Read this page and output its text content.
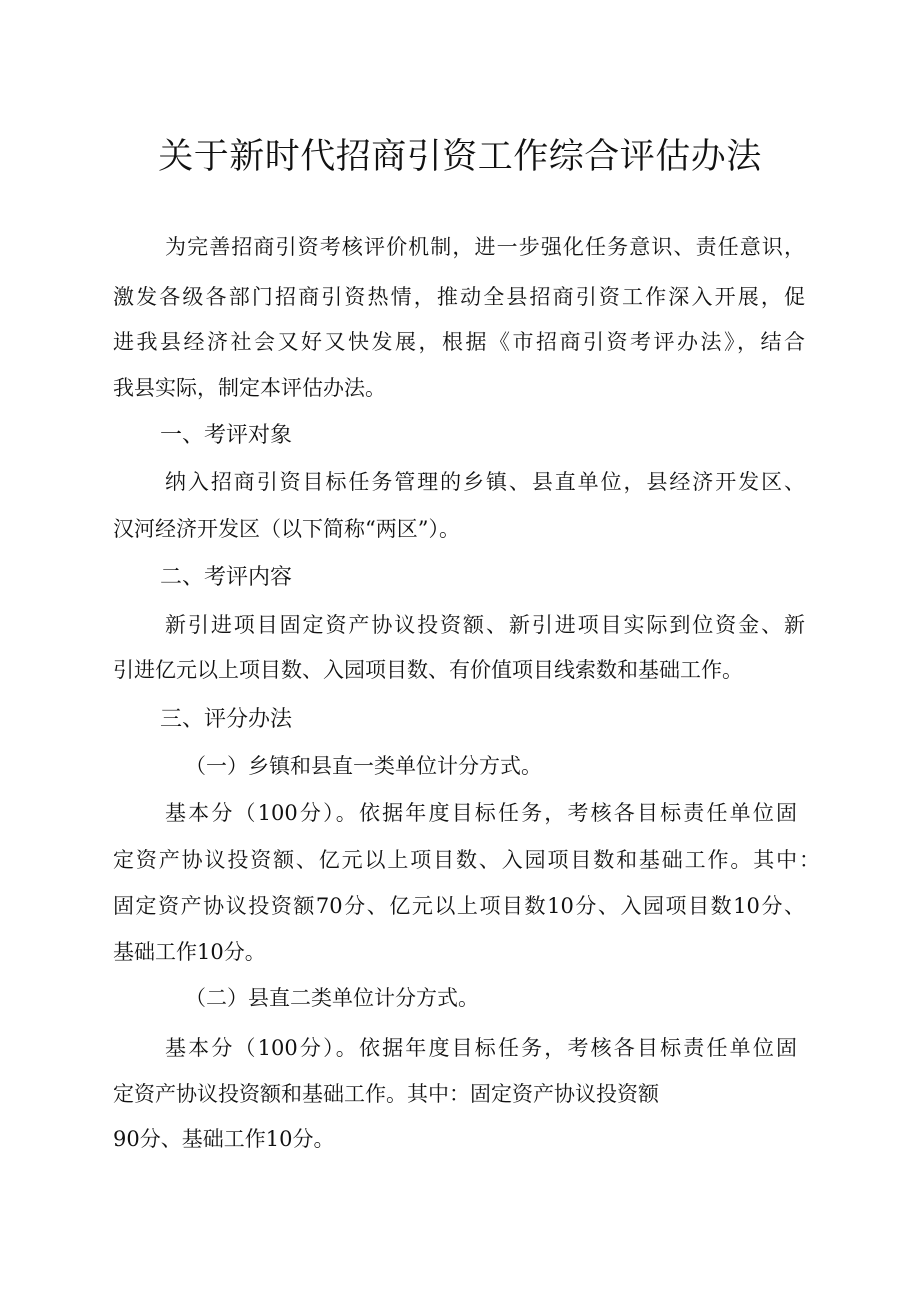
关于新时代招商引资工作综合评估办法

为完善招商引资考核评价机制，进一步强化任务意识、责任意识，

激发各级各部门招商引资热情，推动全县招商引资工作深入开展，促

进我县经济社会又好又快发展，根据《市招商引资考评办法》，结合

我县实际，制定本评估办法。

一、考评对象

纳入招商引资目标任务管理的乡镇、县直单位，县经济开发区、

汉河经济开发区（以下简称“两区”）。

二、考评内容

新引进项目固定资产协议投资额、新引进项目实际到位资金、新

引进亿元以上项目数、入园项目数、有价值项目线索数和基础工作。

三、评分办法

（一）乡镇和县直一类单位计分方式。

基本分（100分）。依据年度目标任务，考核各目标责任单位固

定资产协议投资额、亿元以上项目数、入园项目数和基础工作。其中：

固定资产协议投资额70分、亿元以上项目数10分、入园项目数10分、

基础工作10分。

（二）县直二类单位计分方式。

基本分（100分）。依据年度目标任务，考核各目标责任单位固

定资产协议投资额和基础工作。其中：固定资产协议投资额

90分、基础工作10分。
